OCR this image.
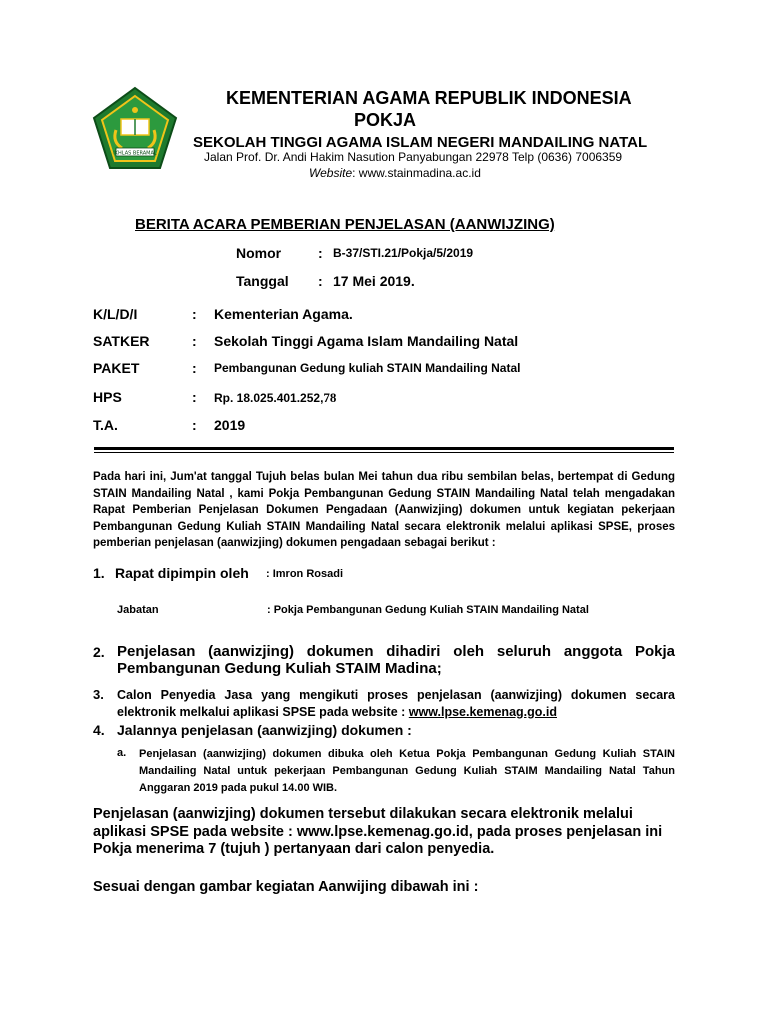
IKHLAS BERAMAL
KEMENTERIAN AGAMA REPUBLIK INDONESIA
POKJA
SEKOLAH TINGGI AGAMA ISLAM NEGERI MANDAILING NATAL
Jalan Prof. Dr. Andi Hakim Nasution Panyabungan 22978 Telp (0636) 7006359
Website: www.stainmadina.ac.id
BERITA ACARA PEMBERIAN PENJELASAN (AANWIJZING)
Nomor	: B-37/STI.21/Pokja/5/2019
Tanggal : 17 Mei 2019.
K/L/D/I	: Kementerian Agama.
SATKER	: Sekolah Tinggi Agama Islam Mandailing Natal
PAKET	: Pembangunan Gedung kuliah STAIN Mandailing Natal
HPS	: Rp. 18.025.401.252,78
T.A.	: 2019
Pada hari ini, Jum'at tanggal Tujuh belas bulan Mei tahun dua ribu sembilan belas, bertempat di Gedung STAIN Mandailing Natal , kami Pokja Pembangunan Gedung STAIN Mandailing Natal telah mengadakan Rapat Pemberian Penjelasan Dokumen Pengadaan (Aanwizjing) dokumen untuk kegiatan pekerjaan Pembangunan Gedung Kuliah STAIN Mandailing Natal secara elektronik melalui aplikasi SPSE, proses pemberian penjelasan (aanwizjing) dokumen pengadaan sebagai berikut :
1. Rapat dipimpin oleh : Imron Rosadi
Jabatan	: Pokja Pembangunan Gedung Kuliah STAIN Mandailing Natal
2. Penjelasan (aanwizjing) dokumen dihadiri oleh seluruh anggota Pokja Pembangunan Gedung Kuliah STAIM Madina;
3. Calon Penyedia Jasa yang mengikuti proses penjelasan (aanwizjing) dokumen secara elektronik melkalui aplikasi SPSE pada website : www.lpse.kemenag.go.id
4. Jalannya penjelasan (aanwizjing) dokumen :
a. Penjelasan (aanwizjing) dokumen dibuka oleh Ketua Pokja Pembangunan Gedung Kuliah STAIN Mandailing Natal untuk pekerjaan Pembangunan Gedung Kuliah STAIM Mandailing Natal Tahun Anggaran 2019 pada pukul 14.00 WIB.
Penjelasan (aanwizjing) dokumen tersebut dilakukan secara elektronik melalui aplikasi SPSE pada website : www.lpse.kemenag.go.id, pada proses penjelasan ini Pokja menerima 7 (tujuh ) pertanyaan dari calon penyedia.
Sesuai dengan gambar kegiatan Aanwijing dibawah ini :
